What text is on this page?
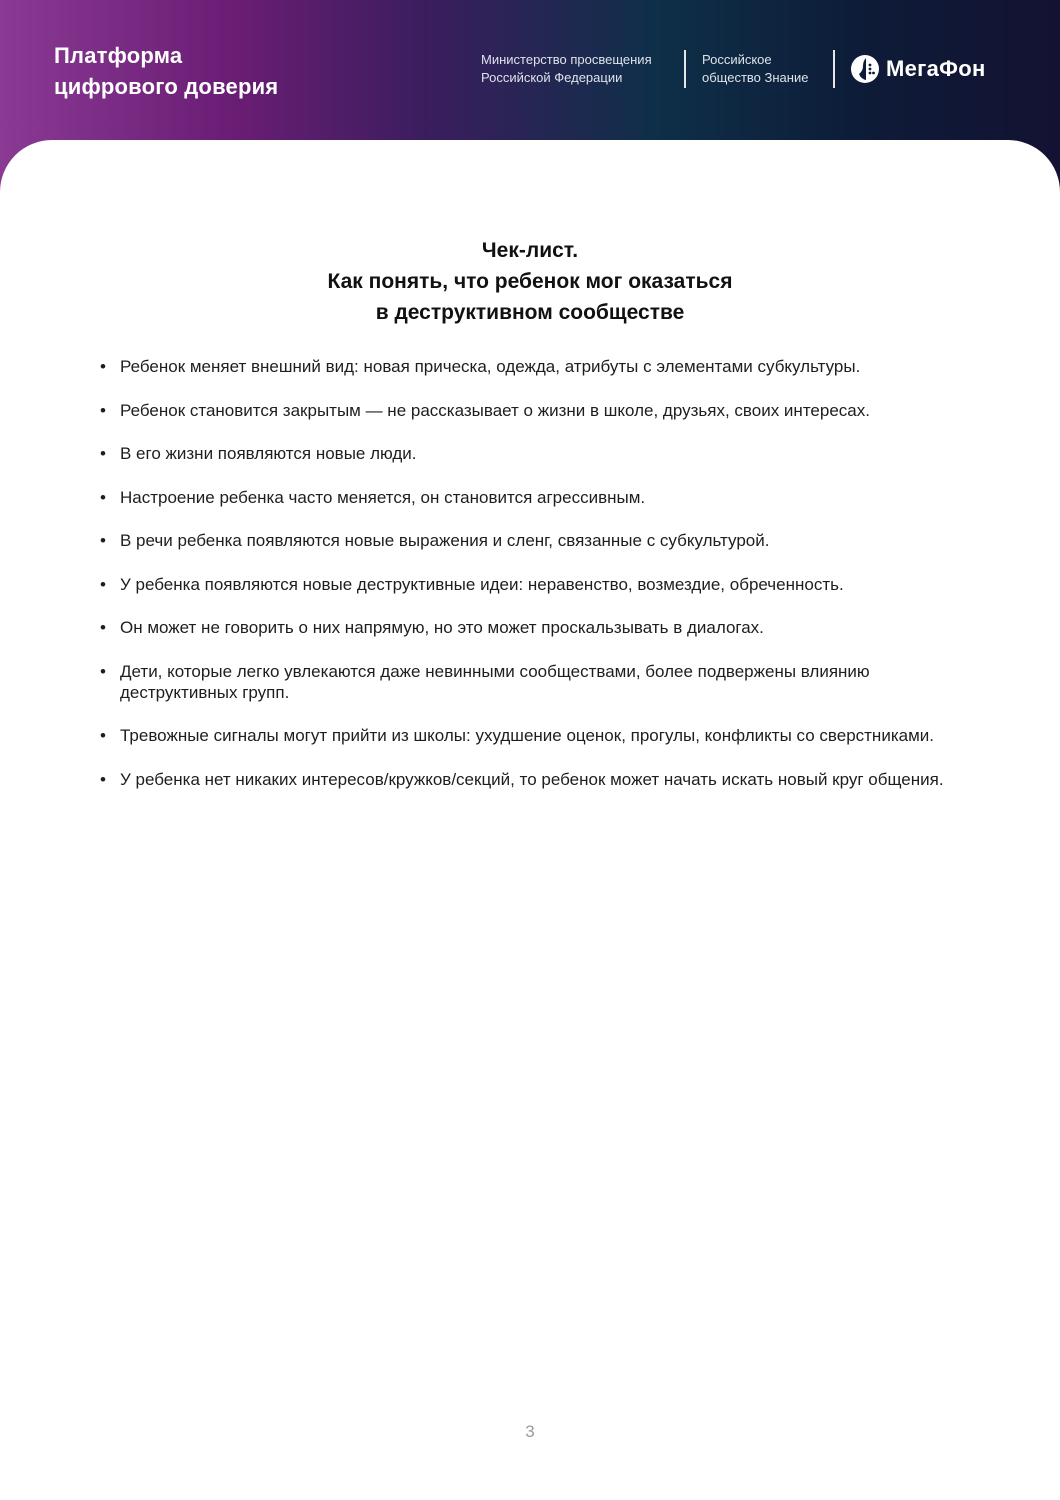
Платформа
цифрового доверия
Министерство просвещения
Российской Федерации
Российское
общество Знание	МегаФон
Чек-лист.
Как понять, что ребенок мог оказаться
в деструктивном сообществе
• Ребенок меняет внешний вид: новая прическа, одежда, атрибуты с элементами субкультуры.
• Ребенок становится закрытым — не рассказывает о жизни в школе, друзьях, своих интересах.
• В его жизни появляются новые люди.
• Настроение ребенка часто меняется, он становится агрессивным.
• В речи ребенка появляются новые выражения и сленг, связанные с субкультурой.
• У ребенка появляются новые деструктивные идеи: неравенство, возмездие, обреченность.
• Он может не говорить о них напрямую, но это может проскальзывать в диалогах.
• Дети, которые легко увлекаются даже невинными сообществами, более подвержены влиянию деструктивных групп.
• Тревожные сигналы могут прийти из школы: ухудшение оценок, прогулы, конфликты со сверстниками.
• У ребенка нет никаких интересов/кружков/секций, то ребенок может начать искать новый круг общения.
3
